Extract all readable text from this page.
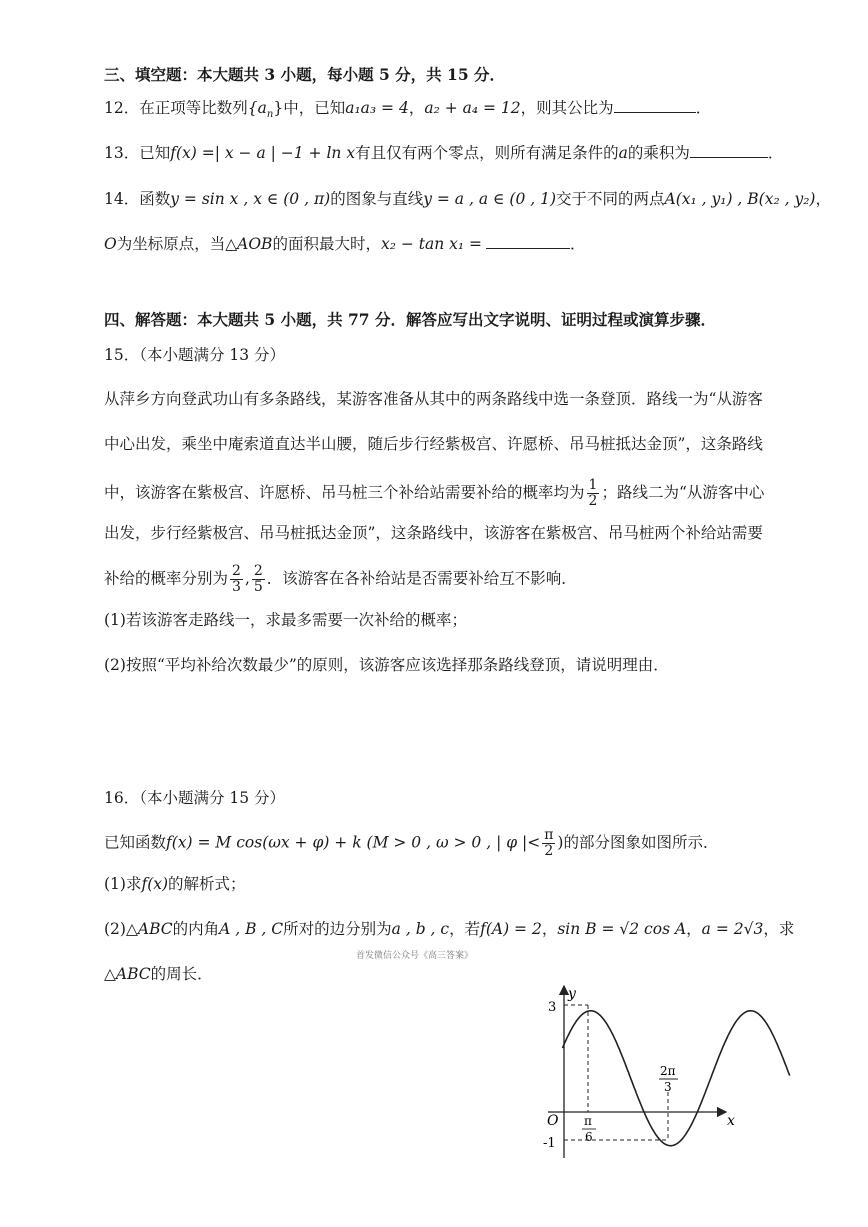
三、填空题：本大题共 3 小题，每小题 5 分，共 15 分．
12．在正项等比数列$\{a_n\}$中，已知a₁a₃ = 4，a₂ + a₄ = 12，则其公比为	．
13．已知f(x) =| x − a | −1 + ln x有且仅有两个零点，则所有满足条件的a的乘积为	．
14．函数y = sin x , x ∈ (0 , π)的图象与直线y = a , a ∈ (0 , 1)交于不同的两点A(x₁ , y₁) , B(x₂ , y₂)，
O为坐标原点，当△AOB的面积最大时，x₂ − tan x₁ =	．
四、解答题：本大题共 5 小题，共 77 分．解答应写出文字说明、证明过程或演算步骤．
15．（本小题满分 13 分）
从萍乡方向登武功山有多条路线，某游客准备从其中的两条路线中选一条登顶．路线一为“从游客
中心出发，乘坐中庵索道直达半山腰，随后步行经紫极宫、许愿桥、吊马桩抵达金顶”，这条路线
中，该游客在紫极宫、许愿桥、吊马桩三个补给站需要补给的概率均为 $\frac{1}{2}$ ；路线二为“从游客中心
出发，步行经紫极宫、吊马桩抵达金顶”，这条路线中，该游客在紫极宫、吊马桩两个补给站需要
补给的概率分别为 $\frac{2}{3}$ , $\frac{2}{5}$ ．该游客在各补给站是否需要补给互不影响．
(1)若该游客走路线一，求最多需要一次补给的概率；
(2)按照“平均补给次数最少”的原则，该游客应该选择那条路线登顶，请说明理由．
16．（本小题满分 15 分）
已知函数f(x) = M cos(ωx + φ) + k (M > 0 , ω > 0 , | φ |< $\frac{\pi}{2}$ )的部分图象如图所示．
(1)求f(x)的解析式；
(2)△ABC的内角A , B , C所对的边分别为a , b , c，若f(A) = 2，sin B = √2 cos A，a = 2√3，求
首发微信公众号《高三答案》
△ABC的周长．
y
x
O
3
-1
π
6
2π
3
